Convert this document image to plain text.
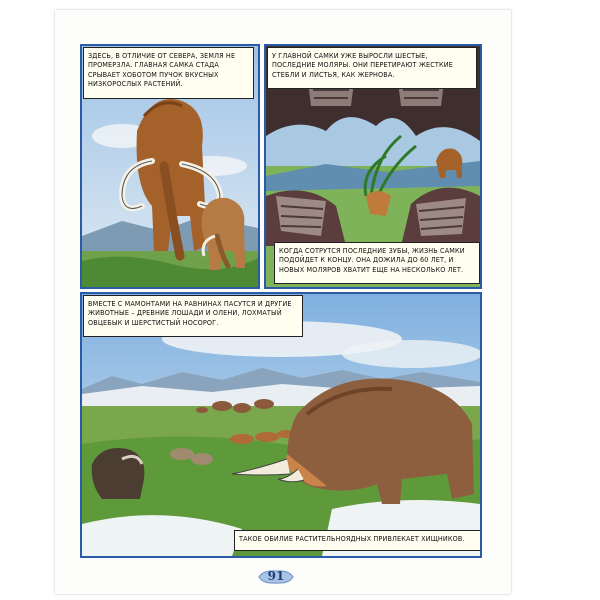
ЗДЕСЬ, В ОТЛИЧИЕ ОТ СЕВЕРА, ЗЕМЛЯ НЕ ПРОМЕРЗЛА. ГЛАВНАЯ САМКА СТАДА СРЫВАЕТ ХОБОТОМ ПУЧОК ВКУСНЫХ НИЗКОРОСЛЫХ РАСТЕНИЙ.
У ГЛАВНОЙ САМКИ УЖЕ ВЫРОСЛИ ШЕСТЫЕ, ПОСЛЕДНИЕ МОЛЯРЫ. ОНИ ПЕРЕТИРАЮТ ЖЕСТКИЕ СТЕБЛИ И ЛИСТЬЯ, КАК ЖЕРНОВА.
КОГДА СОТРУТСЯ ПОСЛЕДНИЕ ЗУБЫ, ЖИЗНЬ САМКИ ПОДОЙДЕТ К КОНЦУ. ОНА ДОЖИЛА ДО 60 ЛЕТ, И НОВЫХ МОЛЯРОВ ХВАТИТ ЕЩЕ НА НЕСКОЛЬКО ЛЕТ.
ВМЕСТЕ С МАМОНТАМИ НА РАВНИНАХ ПАСУТСЯ И ДРУГИЕ ЖИВОТНЫЕ – ДРЕВНИЕ ЛОШАДИ И ОЛЕНИ, ЛОХМАТЫЙ ОВЦЕБЫК И ШЕРСТИСТЫЙ НОСОРОГ.
ТАКОЕ ОБИЛИЕ РАСТИТЕЛЬНОЯДНЫХ ПРИВЛЕКАЕТ ХИЩНИКОВ.
91
